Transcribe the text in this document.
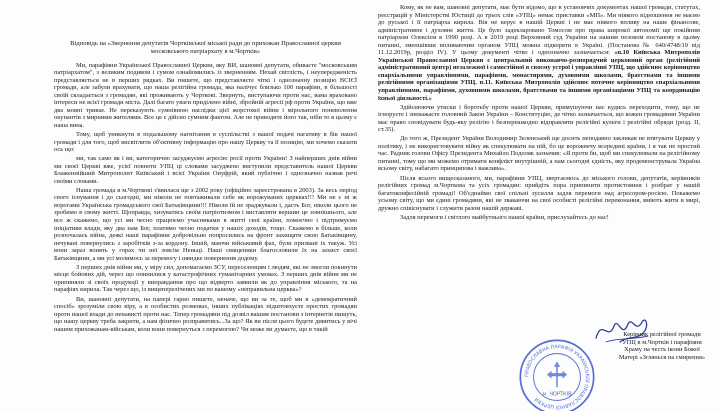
Відповідь на «Звернення депутатів Чортківської міської ради до прихожан Православної церкви московського патріархату в м.Чортків»
Ми, парафіяни Української Православної Церкви, яку ВИ, шановні депутати, обиваєте "московським патріархатом", з великим подивом і сумом ознайомились із зверненням. Нехай світлість, і неупередженість представляється не в перших рядках. Ви пишете, що представляєте чіткі і однозначну позицію ВСІЄЇ громади, але забули врахувати, що наша релігійна громада, яка налічує близько 100 парафіян, в більшості своїй складається з громадян, які проживають у Чорткові. Звернуть, виступаючи проти нас, вама враховано інтереси не всієї громади міста. Далі багато уваги приділено війні, збройній агресії рф проти України, що вже два мовні тривае. Не переказують сумнівною наслідки цієї жорстокої війни і мірольного поневолення окупантів з мирними жителями. Все це є дійсно сумним фактом. Але не приводите його так, ніби то в цьому є наша вина.
Тому, щоб уникнути в подальшому нагнітання в суспільстві з вашої подачі нагативу в бік нашої громади і для того, щоб висвітлити об'єктивну інформацію про нашу Церкву та її позицію, ми хочемо сказати ось що:
ми, так само як і ви, категорично засуджуємо агресію росії проти України! З найперших днів війни ми своєї Церкві вже, усієї повноти УПЦ ці словами засуджено виступили представитель нашої Церкви Блаженнійший Митрополит Київський і всієї України Онуфрій, який публічно і однозначно назвав речі своїми словами.
Наша громада в м.Чорткові з'явилася ще з 2002 року (офіційно зареєстрована в 2003). За весь період свого існування і до сьогодні, ми ніколи не повтаживали себе як ворожуваних церквах!!! Ми не є ні ж ворогами Українська громадського свої Батьківщини!!! Ніколи їй не зраджували і, дасть Бог, ніколи цього не зробимо в свому житті. Щоправда, хизуватись своїм патріотизмом і виставляти вершин це зовнішнього, але все ж скажемо, що усі ми чесно працюємо учасниками в житті свої країни, помоєчно і підтримуємо ініціативи влади, яку два нам Бог, платимо чесно податки у нашіх доходів, тощо. Скажемо в більше, коли розпочалась війна, деякі наші парафіяни добровільно попросились на фронт захищати свою Батьківщину, нечувані повернулись з заробітків з-за кордону. Іншій, маючи військовий фах, були призвані іх такуж. Усі вони зараз вонять у горах чи неї зовсім Неньці. Наші священики благословили їх на захист своєї Батьківщини, а ми усі молимось за перемогу і швидке повернення додому.
З перших днів війни ми, у міру сил, допомагаємо ЗСУ, переселенцям і людям, які не змогли покинути місце бойових дій, через що опинилися у катастрофічних гуманітарних умовах. З перших днів війни ми не припиняли зі своїх продукції у виправдання про що відверто заявили як до управління міського, та на парафіях кирила. Так через що, із вищеперелічених ми по вашому «неправильна церква»?
Ви, шановні депутати, на папері гарно пишете, неначе, що ви за те, щоб ми в «демократичний спосіб» зрозуміли свою віру, а в особистих розмовах, інших публікаціях підштовхуєте простих громадян проти нашої влади до ненависті проти нас. Тепер громадяни під дозвіл вашим постанови з інтернетів пишуть, що нашу церкву треба закрити, а нам фізично розправитись...За що? Як ви після цього будете дивитись у вічі нашим прихожанам-військам, коли вони повернуться з перемогою? Чи може ви думаєте, що в такій
Кому, як не вам, шановні депутати, має бути відомо, що в установчих документах нашої громади, статутах, реєстрацій у Міністерстві Юстиції до трьох слів «УПЦ» немає приставки «МП». Ми ніякого відношення не маємо до руської і її патріарха кирила. Вія не керує в нашій Церкві і не має ніякого впливу на наше фінансове, адміністративне і духовне життя. Це було задекларовано Томосом про права широкої автономії ще покійним патріархом Олексієм в 1990 році. А в 2019 році Верховний суд України на нашим позовом постанову в цьому питанні, зменшівши впливаючим органом УПЦ можна підкоряти в Україні. (Постанова № 640/4748/19 від 11.12.2019р, розділ IV). У цьому документі чітко і однозначно зазначається: «п.10 Київська Митрополія Української Православної Церкви є центральний виконавчо-розпорядчий церковний орган (релігійний адміністративний центр) незалежної і самостійної в своєму устрої і управлінні УПЦ, що здійснює керівництво єпархіальними управліннями, парафіями, монастирями, духовними школами, братствами та іншими релігійними організаціями УПЦ. п.11. Київська Митрополія здійснює поточне керівництво єпархіальними управліннями, парафіями, духовними школами, братствами та іншими організаціями УПЦ та координацію їхньої діяльності.»
Здійснюючи утиски і боротьбу проти нашої Церкви, примушуючи нас кудись переходити, тому, що не ігноруєте і зневажаєте головний Закон України – Конституцію, де чітко зазначається, що кожен громадянин України має право сповідувати будь-яку релігію і безперешкодно відправляти релігійні культи і релігійні обряди (розд. II, ст.35).
До того ж, Президент України Володимир Зеленський ще досить неподавно закликав не втягувати Церкву у політику, і не використовувати війну як спекулювати на ній, бо це ворожнечу всередині країни, і я так не простий час. Радник голови Офісу Президента Михайло Подоляк зазначив: «Я проти би, щоб ми спекулювали на релігійному питанні, тому що ми можемо отримати конфлікт внутрішній, а нам сьогодні єдність, яку продемонструвала Україна всьому світу, набагато принципова і важлива».
Після всього вищесказаного, ми, парафіяни УПЦ, звертаємось до міського голови, депутатів, керівників релігійних громад м.Чорткова та усіх громадян: прийдіть пора припинити протистояння і розбрат у нашій багатоконфесійній громаді! Об'єднаймо свої спільні зусилля задля перемоги над агресором-росією. Покажемо усьому світу, що ми єдині громадяни, які не звакаючи на свої особисті релігійні переконання, вміють жити в мирі, дружно співіснувати і служити разом нашій державі.
Задля перемоги і світлого майбутнього нашої країни, прислухайтесь до нас!
ПРАВОСЛАВНА ПАРАФІЯ УКРАЇНСЬКОЇ ПРАВОСЛАВНОЇ ЦЕРКВИ
м. ЧОРТКІВ
Керівник релігійної громади
УПЦ в м.Чортків і парафіяни
Храму на честь ікони Божої
Матері «Зглянься на смирення»
